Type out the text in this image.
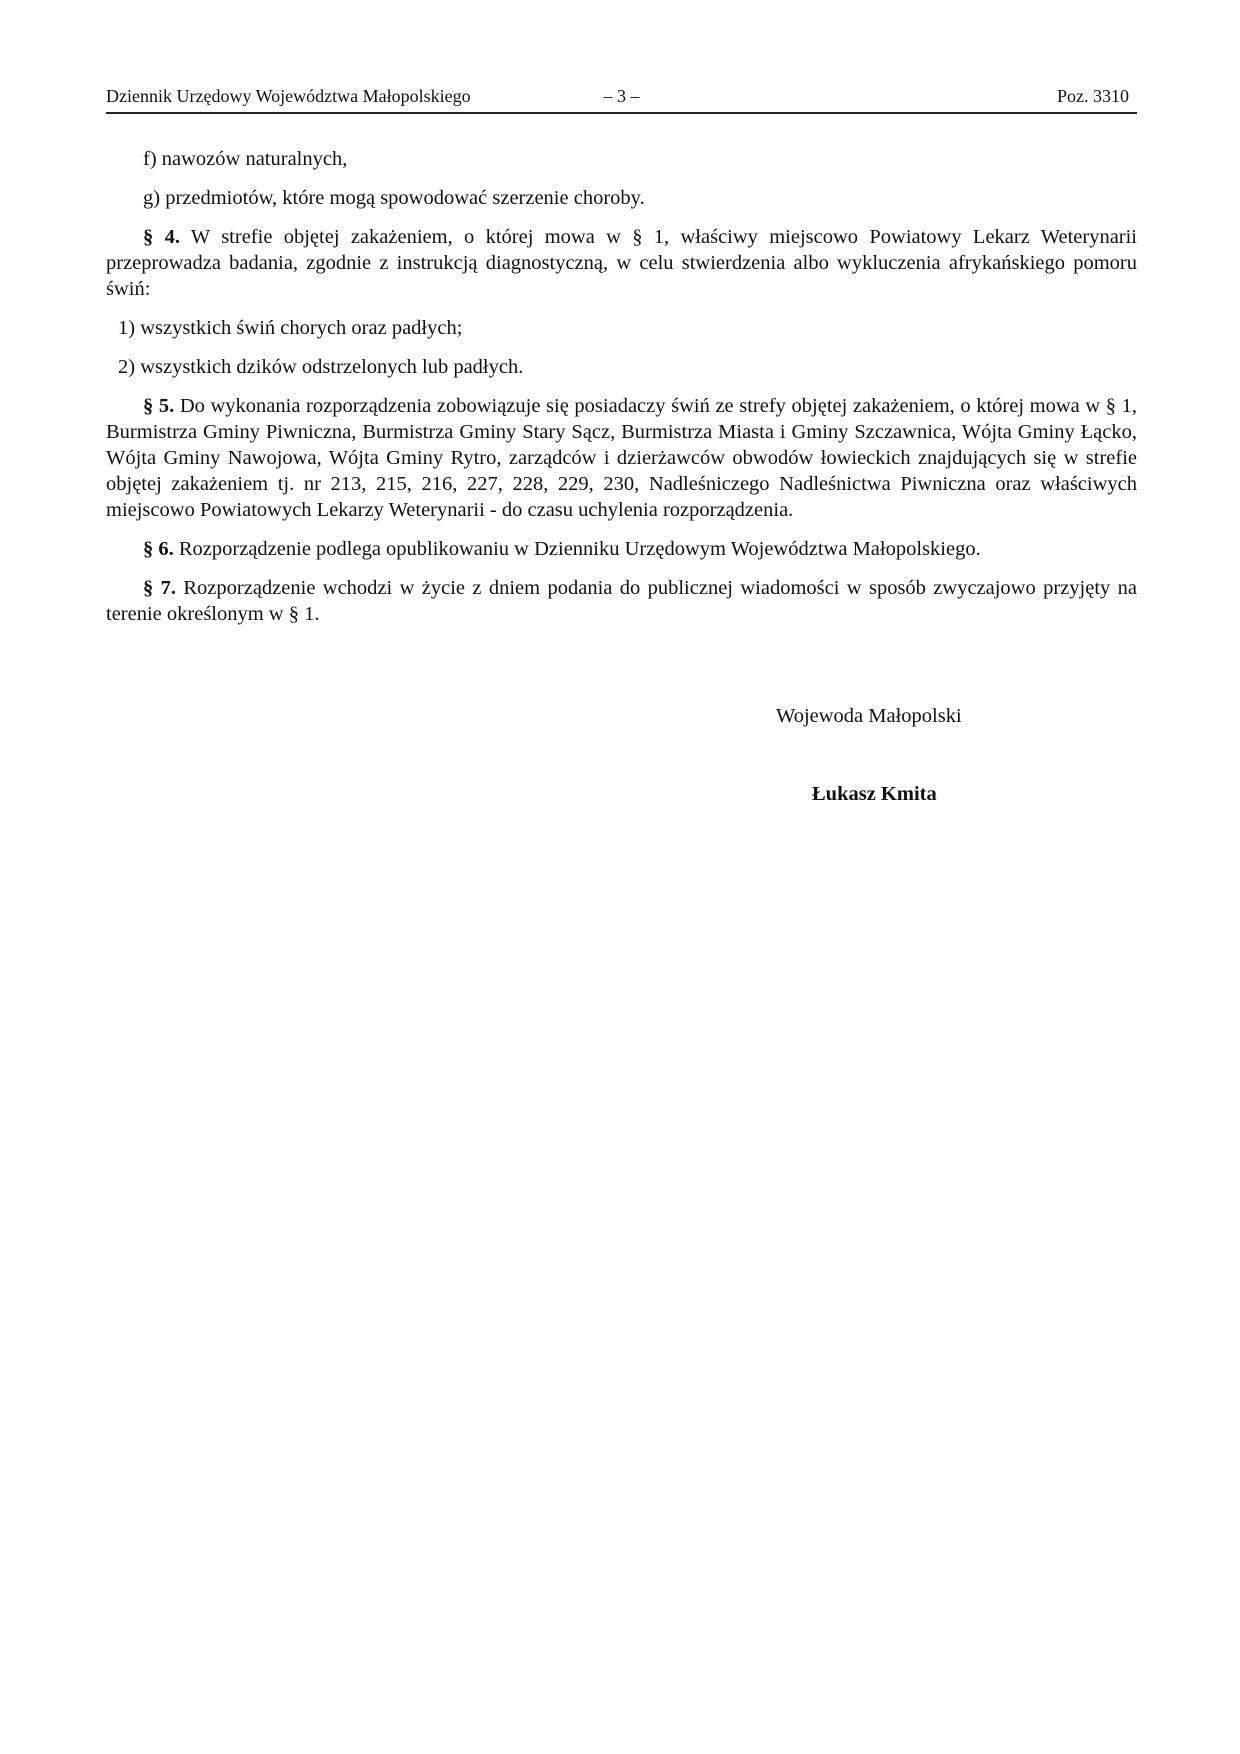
Dziennik Urzędowy Województwa Małopolskiego	– 3 –	Poz. 3310

f) nawozów naturalnych,

g) przedmiotów, które mogą spowodować szerzenie choroby.

§ 4. W strefie objętej zakażeniem, o której mowa w § 1, właściwy miejscowo Powiatowy Lekarz Weterynarii przeprowadza badania, zgodnie z instrukcją diagnostyczną, w celu stwierdzenia albo wykluczenia afrykańskiego pomoru świń:

1) wszystkich świń chorych oraz padłych;

2) wszystkich dzików odstrzelonych lub padłych.

§ 5. Do wykonania rozporządzenia zobowiązuje się posiadaczy świń ze strefy objętej zakażeniem, o której mowa w § 1, Burmistrza Gminy Piwniczna, Burmistrza Gminy Stary Sącz, Burmistrza Miasta i Gminy Szczawnica, Wójta Gminy Łącko, Wójta Gminy Nawojowa, Wójta Gminy Rytro, zarządców i dzierżawców obwodów łowieckich znajdujących się w strefie objętej zakażeniem tj. nr 213, 215, 216, 227, 228, 229, 230, Nadleśniczego Nadleśnictwa Piwniczna oraz właściwych miejscowo Powiatowych Lekarzy Weterynarii - do czasu uchylenia rozporządzenia.

§ 6. Rozporządzenie podlega opublikowaniu w Dzienniku Urzędowym Województwa Małopolskiego.

§ 7. Rozporządzenie wchodzi w życie z dniem podania do publicznej wiadomości w sposób zwyczajowo przyjęty na terenie określonym w § 1.

Wojewoda Małopolski

Łukasz Kmita
